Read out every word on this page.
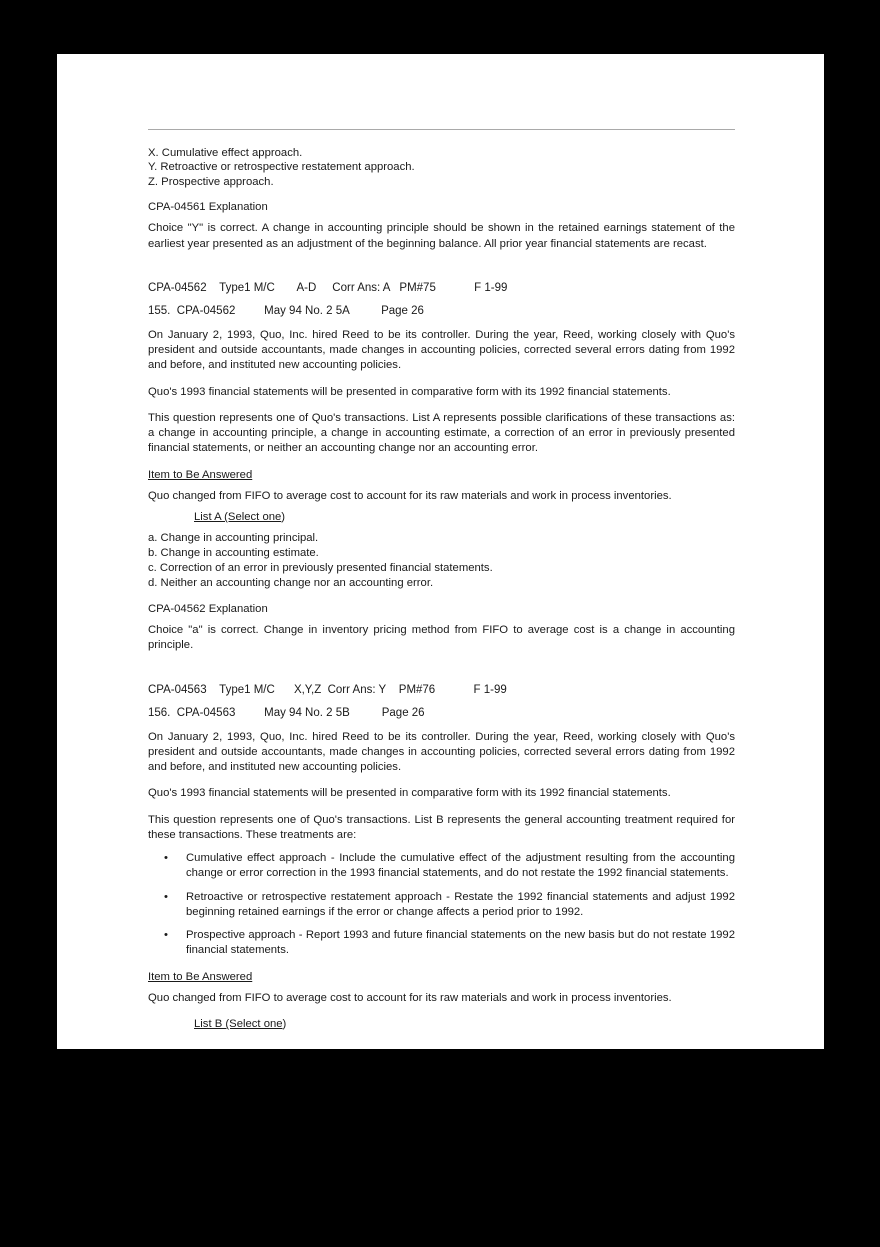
X. Cumulative effect approach.
Y. Retroactive or retrospective restatement approach.
Z. Prospective approach.
CPA-04561 Explanation
Choice "Y" is correct. A change in accounting principle should be shown in the retained earnings statement of the earliest year presented as an adjustment of the beginning balance. All prior year financial statements are recast.
CPA-04562    Type1 M/C       A-D     Corr Ans: A   PM#75            F 1-99
155.  CPA-04562         May 94 No. 2 5A          Page 26
On January 2, 1993, Quo, Inc. hired Reed to be its controller. During the year, Reed, working closely with Quo's president and outside accountants, made changes in accounting policies, corrected several errors dating from 1992 and before, and instituted new accounting policies.
Quo's 1993 financial statements will be presented in comparative form with its 1992 financial statements.
This question represents one of Quo's transactions. List A represents possible clarifications of these transactions as: a change in accounting principle, a change in accounting estimate, a correction of an error in previously presented financial statements, or neither an accounting change nor an accounting error.
Item to Be Answered
Quo changed from FIFO to average cost to account for its raw materials and work in process inventories.
List A (Select one)
a. Change in accounting principal.
b. Change in accounting estimate.
c. Correction of an error in previously presented financial statements.
d. Neither an accounting change nor an accounting error.
CPA-04562 Explanation
Choice "a" is correct. Change in inventory pricing method from FIFO to average cost is a change in accounting principle.
CPA-04563    Type1 M/C      X,Y,Z  Corr Ans: Y    PM#76            F 1-99
156.  CPA-04563         May 94 No. 2 5B          Page 26
On January 2, 1993, Quo, Inc. hired Reed to be its controller. During the year, Reed, working closely with Quo's president and outside accountants, made changes in accounting policies, corrected several errors dating from 1992 and before, and instituted new accounting policies.
Quo's 1993 financial statements will be presented in comparative form with its 1992 financial statements.
This question represents one of Quo's transactions. List B represents the general accounting treatment required for these transactions. These treatments are:
•	Cumulative effect approach - Include the cumulative effect of the adjustment resulting from the accounting change or error correction in the 1993 financial statements, and do not restate the 1992 financial statements.
•	Retroactive or retrospective restatement approach - Restate the 1992 financial statements and adjust 1992 beginning retained earnings if the error or change affects a period prior to 1992.
•	Prospective approach - Report 1993 and future financial statements on the new basis but do not restate 1992 financial statements.
Item to Be Answered
Quo changed from FIFO to average cost to account for its raw materials and work in process inventories.
List B (Select one)
